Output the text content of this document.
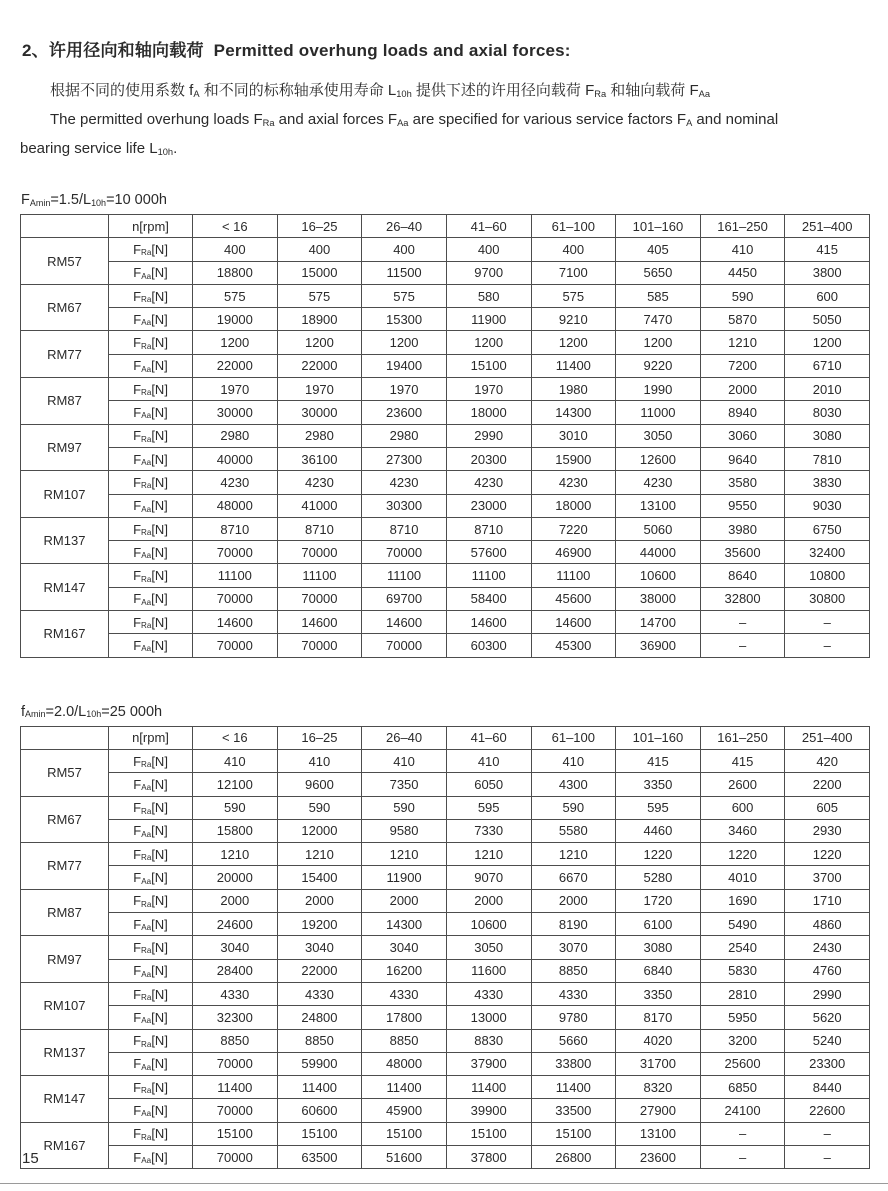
2、许用径向和轴向载荷 Permitted overhung loads and axial forces:

根据不同的使用系数 $f_A$ 和不同的标称轴承使用寿命 $L_{10h}$ 提供下述的许用径向载荷 $F_{Ra}$ 和轴向载荷 $F_{Aa}$

The permitted overhung loads $F_{Ra}$ and axial forces $F_{Aa}$ are specified for various service factors $F_A$ and nominal

bearing service life $L_{10h}$.

$F_{Amin}=1.5/L_{10h}=10$ 000h

	n[rpm]	< 16	16–25	26–40	41–60	61–100	101–160	161–250	251–400
RM57	$F_{Ra}[N]$	400	400	400	400	400	405	410	415
	$F_{Aa}[N]$	18800	15000	11500	9700	7100	5650	4450	3800
RM67	$F_{Ra}[N]$	575	575	575	580	575	585	590	600
	$F_{Aa}[N]$	19000	18900	15300	11900	9210	7470	5870	5050
RM77	$F_{Ra}[N]$	1200	1200	1200	1200	1200	1200	1210	1200
	$F_{Aa}[N]$	22000	22000	19400	15100	11400	9220	7200	6710
RM87	$F_{Ra}[N]$	1970	1970	1970	1970	1980	1990	2000	2010
	$F_{Aa}[N]$	30000	30000	23600	18000	14300	11000	8940	8030
RM97	$F_{Ra}[N]$	2980	2980	2980	2990	3010	3050	3060	3080
	$F_{Aa}[N]$	40000	36100	27300	20300	15900	12600	9640	7810
RM107	$F_{Ra}[N]$	4230	4230	4230	4230	4230	4230	3580	3830
	$F_{Aa}[N]$	48000	41000	30300	23000	18000	13100	9550	9030
RM137	$F_{Ra}[N]$	8710	8710	8710	8710	7220	5060	3980	6750
	$F_{Aa}[N]$	70000	70000	70000	57600	46900	44000	35600	32400
RM147	$F_{Ra}[N]$	11100	11100	11100	11100	11100	10600	8640	10800
	$F_{Aa}[N]$	70000	70000	69700	58400	45600	38000	32800	30800
RM167	$F_{Ra}[N]$	14600	14600	14600	14600	14600	14700	–	–
	$F_{Aa}[N]$	70000	70000	70000	60300	45300	36900	–	–

$f_{Amin}=2.0/L_{10h}=25$ 000h

	n[rpm]	< 16	16–25	26–40	41–60	61–100	101–160	161–250	251–400
RM57	$F_{Ra}[N]$	410	410	410	410	410	415	415	420
	$F_{Aa}[N]$	12100	9600	7350	6050	4300	3350	2600	2200
RM67	$F_{Ra}[N]$	590	590	590	595	590	595	600	605
	$F_{Aa}[N]$	15800	12000	9580	7330	5580	4460	3460	2930
RM77	$F_{Ra}[N]$	1210	1210	1210	1210	1210	1220	1220	1220
	$F_{Aa}[N]$	20000	15400	11900	9070	6670	5280	4010	3700
RM87	$F_{Ra}[N]$	2000	2000	2000	2000	2000	1720	1690	1710
	$F_{Aa}[N]$	24600	19200	14300	10600	8190	6100	5490	4860
RM97	$F_{Ra}[N]$	3040	3040	3040	3050	3070	3080	2540	2430
	$F_{Aa}[N]$	28400	22000	16200	11600	8850	6840	5830	4760
RM107	$F_{Ra}[N]$	4330	4330	4330	4330	4330	3350	2810	2990
	$F_{Aa}[N]$	32300	24800	17800	13000	9780	8170	5950	5620
RM137	$F_{Ra}[N]$	8850	8850	8850	8830	5660	4020	3200	5240
	$F_{Aa}[N]$	70000	59900	48000	37900	33800	31700	25600	23300
RM147	$F_{Ra}[N]$	11400	11400	11400	11400	11400	8320	6850	8440
	$F_{Aa}[N]$	70000	60600	45900	39900	33500	27900	24100	22600
RM167	$F_{Ra}[N]$	15100	15100	15100	15100	15100	13100	–	–
	$F_{Aa}[N]$	70000	63500	51600	37800	26800	23600	–	–
15
